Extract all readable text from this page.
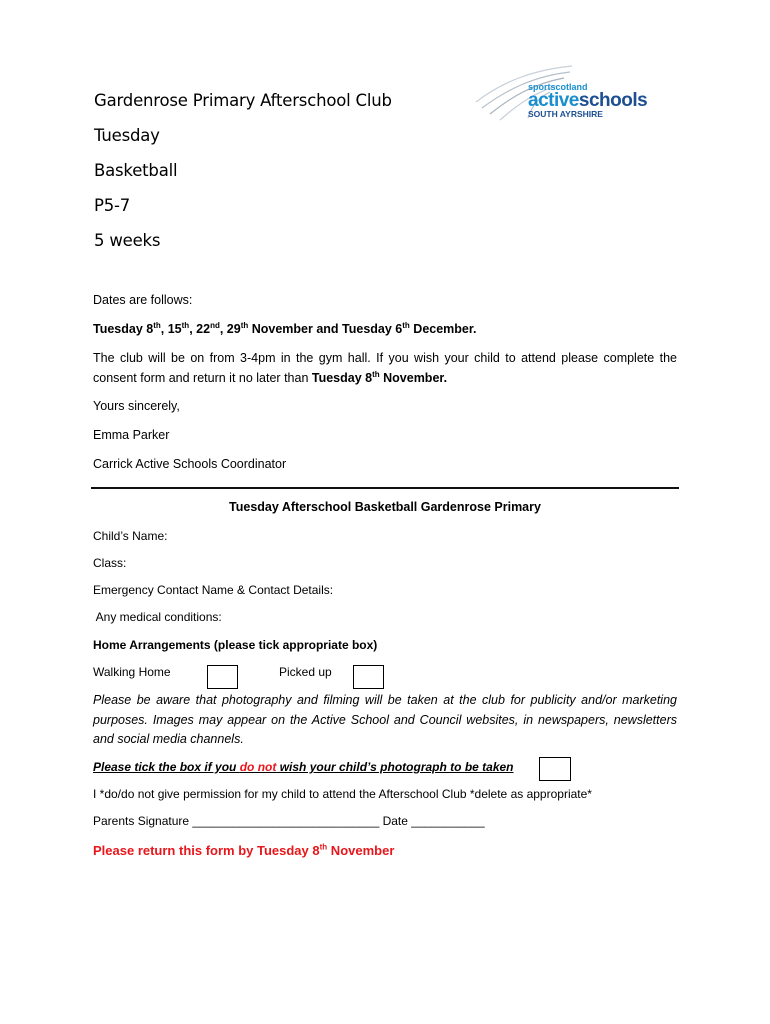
Gardenrose Primary Afterschool Club
Tuesday
Basketball
P5-7
5 weeks
sportscotland
activeschools
SOUTH AYRSHIRE
Dates are follows:
Tuesday 8th, 15th, 22nd, 29th November and Tuesday 6th December.
The club will be on from 3-4pm in the gym hall. If you wish your child to attend please complete the consent form and return it no later than Tuesday 8th November.
Yours sincerely,
Emma Parker
Carrick Active Schools Coordinator
Tuesday Afterschool Basketball Gardenrose Primary
Child’s Name:
Class:
Emergency Contact Name & Contact Details:
Any medical conditions:
Home Arrangements (please tick appropriate box)
Walking Home	Picked up
Please be aware that photography and filming will be taken at the club for publicity and/or marketing purposes. Images may appear on the Active School and Council websites, in newspapers, newsletters and social media channels.
Please tick the box if you do not wish your child’s photograph to be taken
I *do/do not give permission for my child to attend the Afterschool Club *delete as appropriate*
Parents Signature ____________________________ Date ___________
Please return this form by Tuesday 8th November
